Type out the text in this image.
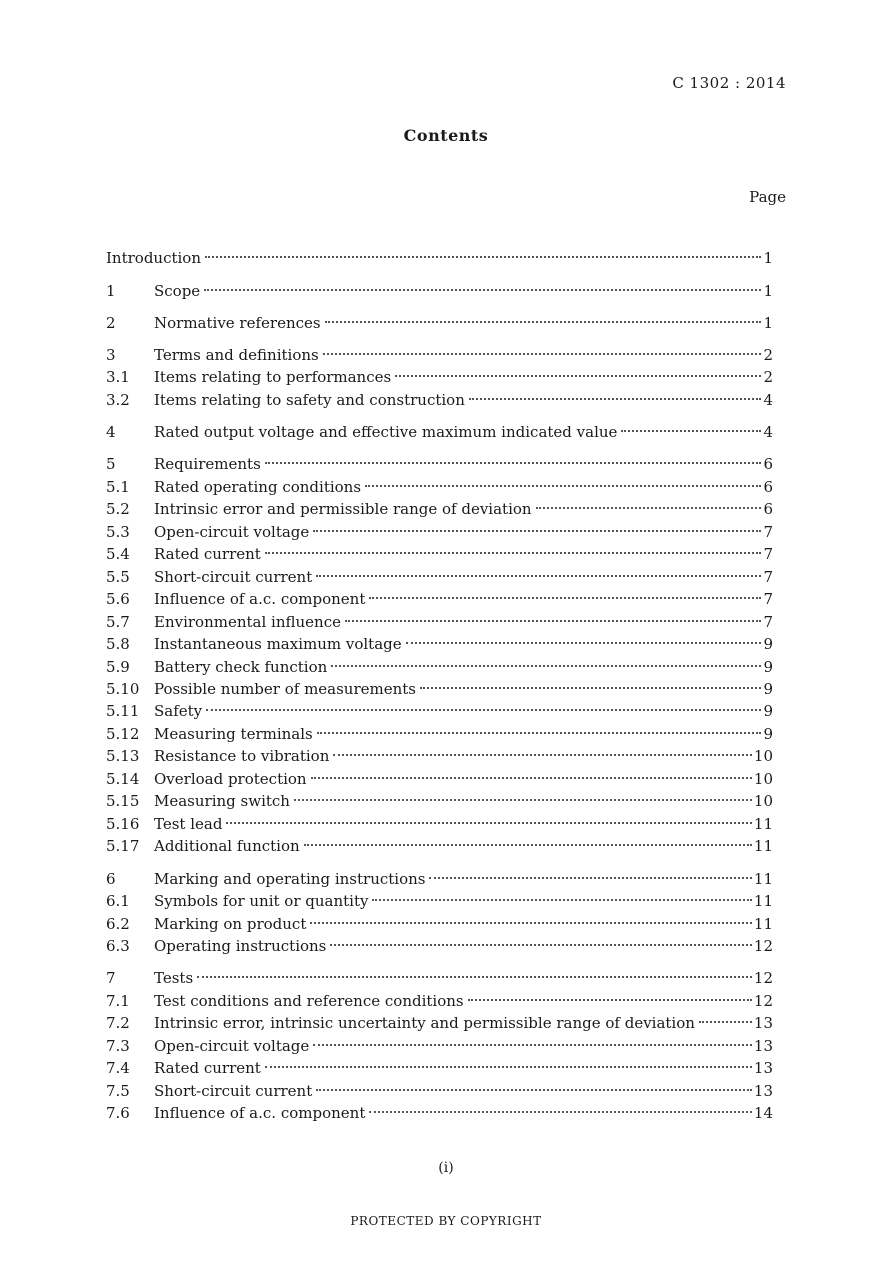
C 1302 : 2014
Contents
Page
Introduction	1
1	Scope	1
2	Normative references	1
3	Terms and definitions	2
3.1	Items relating to performances	2
3.2	Items relating to safety and construction	4
4	Rated output voltage and effective maximum indicated value	4
5	Requirements	6
5.1	Rated operating conditions	6
5.2	Intrinsic error and permissible range of deviation	6
5.3	Open-circuit voltage	7
5.4	Rated current	7
5.5	Short-circuit current	7
5.6	Influence of a.c. component	7
5.7	Environmental influence	7
5.8	Instantaneous maximum voltage	9
5.9	Battery check function	9
5.10 Possible number of measurements	9
5.11 Safety	9
5.12 Measuring terminals	9
5.13 Resistance to vibration	10
5.14 Overload protection	10
5.15 Measuring switch	10
5.16 Test lead	11
5.17 Additional function	11
6	Marking and operating instructions	11
6.1	Symbols for unit or quantity	11
6.2	Marking on product	11
6.3	Operating instructions	12
7	Tests	12
7.1	Test conditions and reference conditions	12
7.2	Intrinsic error, intrinsic uncertainty and permissible range of deviation	13
7.3	Open-circuit voltage	13
7.4	Rated current	13
7.5	Short-circuit current	13
7.6	Influence of a.c. component	14
(i)
PROTECTED BY COPYRIGHT
